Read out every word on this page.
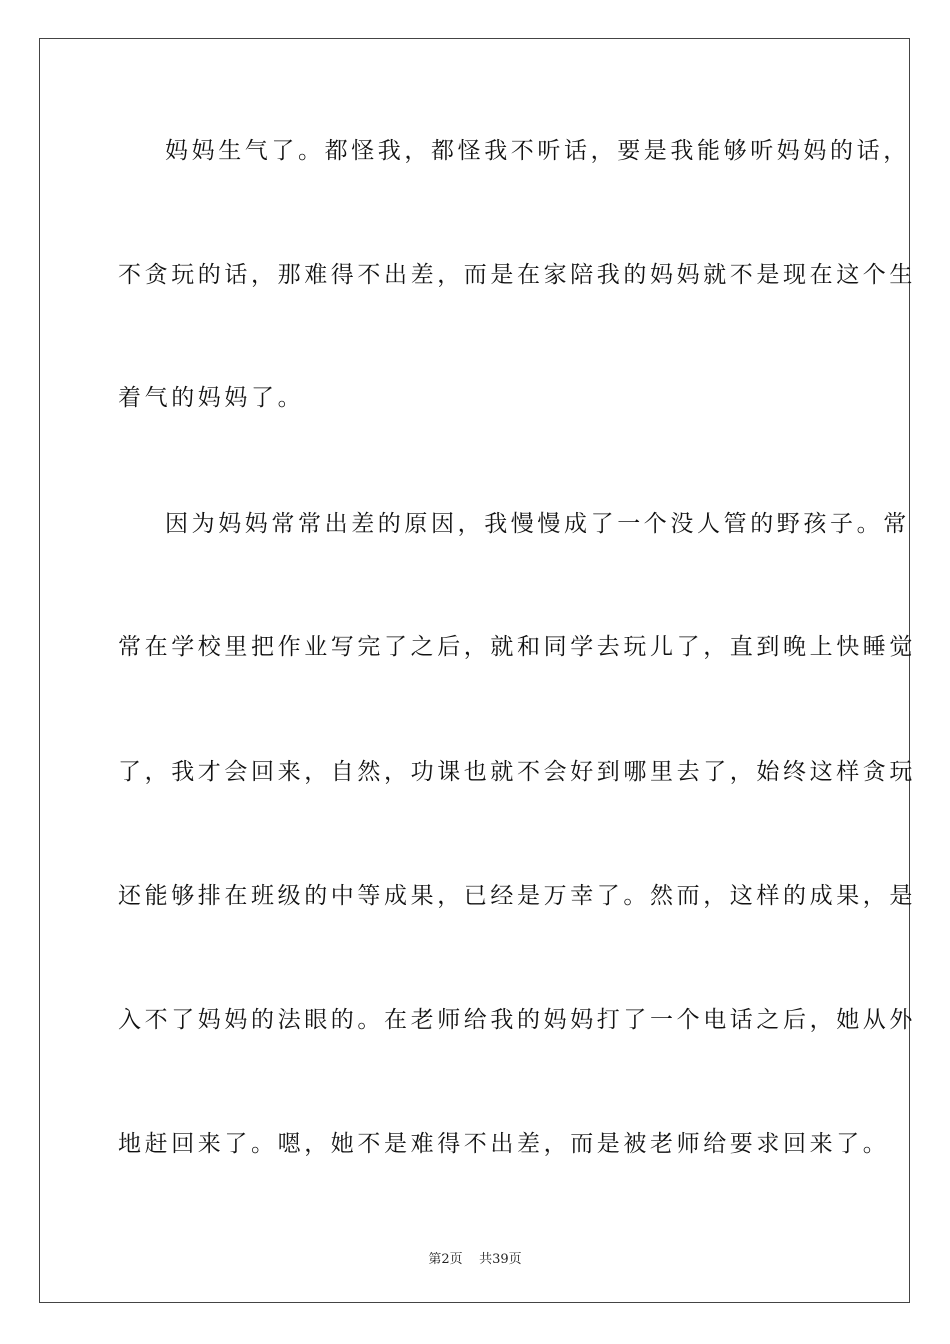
妈妈生气了。都怪我，都怪我不听话，要是我能够听妈妈的话，
不贪玩的话，那难得不出差，而是在家陪我的妈妈就不是现在这个生
着气的妈妈了。
因为妈妈常常出差的原因，我慢慢成了一个没人管的野孩子。常
常在学校里把作业写完了之后，就和同学去玩儿了，直到晚上快睡觉
了，我才会回来，自然，功课也就不会好到哪里去了，始终这样贪玩
还能够排在班级的中等成果，已经是万幸了。然而，这样的成果，是
入不了妈妈的法眼的。在老师给我的妈妈打了一个电话之后，她从外
地赶回来了。嗯，她不是难得不出差，而是被老师给要求回来了。
第2页 共39页
